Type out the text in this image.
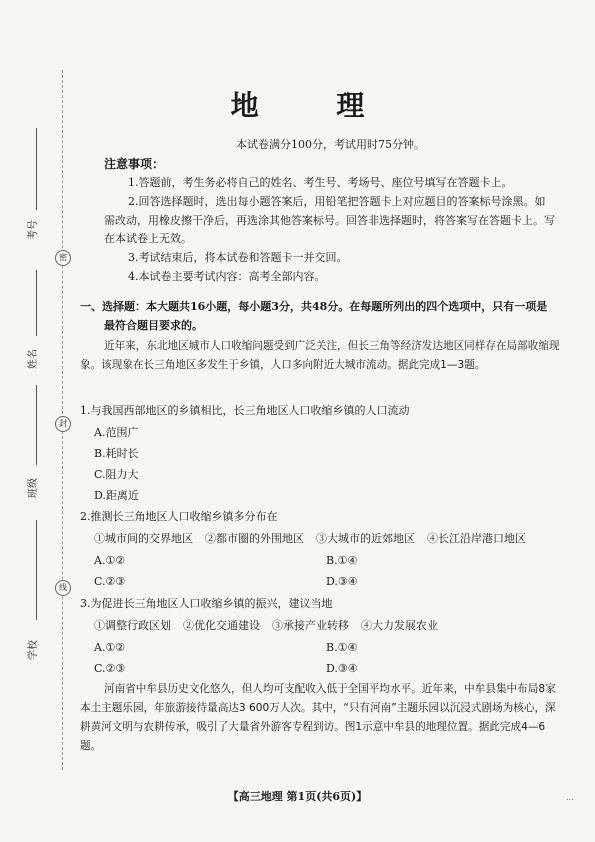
考号
姓名
班级
学校
密
封
线
地 理
本试卷满分100分，考试用时75分钟。
注意事项：

1.答题前，考生务必将自己的姓名、考生号、考场号、座位号填写在答题卡上。

2.回答选择题时，选出每小题答案后，用铅笔把答题卡上对应题目的答案标号涂黑。如需改动，用橡皮擦干净后，再选涂其他答案标号。回答非选择题时，将答案写在答题卡上。写在本试卷上无效。

3.考试结束后，将本试卷和答题卡一并交回。

4.本试卷主要考试内容：高考全部内容。

一、选择题：本大题共16小题，每小题3分，共48分。在每题所列出的四个选项中，只有一项是
最符合题目要求的。

近年来，东北地区城市人口收缩问题受到广泛关注，但长三角等经济发达地区同样存在局部收缩现象。该现象在长三角地区多发生于乡镇，人口多向附近大城市流动。据此完成1—3题。

1.与我国西部地区的乡镇相比，长三角地区人口收缩乡镇的人口流动
A.范围广
B.耗时长
C.阻力大
D.距离近
2.推测长三角地区人口收缩乡镇多分布在
①城市间的交界地区 ②都市圈的外围地区 ③大城市的近郊地区 ④长江沿岸港口地区
A.①②	B.①④
C.②③	D.③④
3.为促进长三角地区人口收缩乡镇的振兴，建议当地
①调整行政区划 ②优化交通建设 ③承接产业转移 ④大力发展农业
A.①②	B.①④
C.②③	D.③④

河南省中牟县历史文化悠久，但人均可支配收入低于全国平均水平。近年来，中牟县集中布局8家本土主题乐园，年旅游接待量高达3 600万人次。其中，“只有河南”主题乐园以沉浸式剧场为核心，深耕黄河文明与农耕传承，吸引了大量省外游客专程到访。图1示意中牟县的地理位置。据此完成4—6题。

【高三地理 第1页(共6页)】	...
